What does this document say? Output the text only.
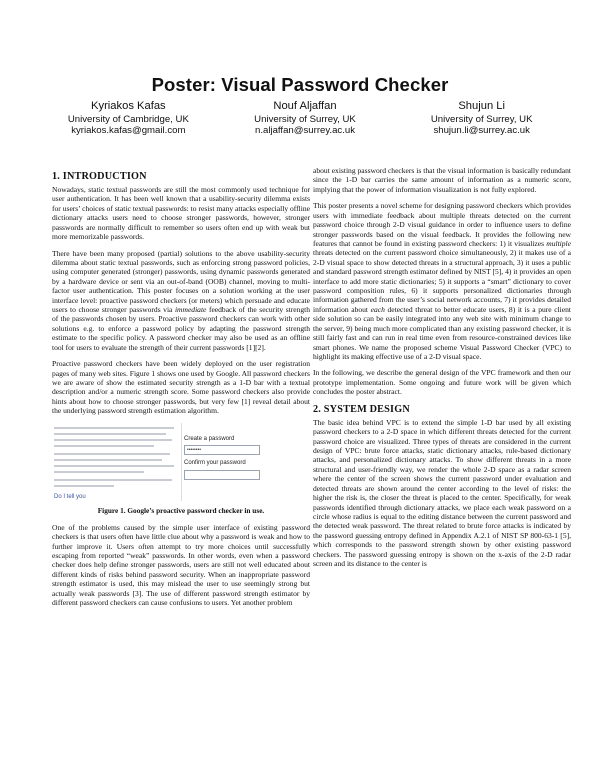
Poster: Visual Password Checker
Kyriakos Kafas
University of Cambridge, UK
kyriakos.kafas@gmail.com
Nouf Aljaffan
University of Surrey, UK
n.aljaffan@surrey.ac.uk
Shujun Li
University of Surrey, UK
shujun.li@surrey.ac.uk
1. INTRODUCTION

Nowadays, static textual passwords are still the most commonly used technique for user authentication. It has been well known that a usability-security dilemma exists for users’ choices of static textual passwords: to resist many attacks especially offline dictionary attacks users need to choose stronger passwords, however, stronger passwords are normally difficult to remember so users often end up with weak but more memorizable passwords.

There have been many proposed (partial) solutions to the above usability-security dilemma about static textual passwords, such as enforcing strong password policies, using computer generated (stronger) passwords, using dynamic passwords generated by a hardware device or sent via an out-of-band (OOB) channel, moving to multi-factor user authentication. This poster focuses on a solution working at the user interface level: proactive password checkers (or meters) which persuade and educate users to choose stronger passwords via immediate feedback of the security strength of the passwords chosen by users. Proactive password checkers can work with other solutions e.g. to enforce a password policy by adapting the password strength estimate to the specific policy. A password checker may also be used as an offline tool for users to evaluate the strength of their current passwords [1][2].

Proactive password checkers have been widely deployed on the user registration pages of many web sites. Figure 1 shows one used by Google. All password checkers we are aware of show the estimated security strength as a 1-D bar with a textual description and/or a numeric strength score. Some password checkers also provide hints about how to choose stronger passwords, but very few [1] reveal detail about the underlying password strength estimation algorithm.

Do I tell you
Create a password
••••••••
Confirm your password
Figure 1. Google’s proactive password checker in use.

One of the problems caused by the simple user interface of existing password checkers is that users often have little clue about why a password is weak and how to further improve it. Users often attempt to try more choices until successfully escaping from reported “weak” passwords. In other words, even when a password checker does help define stronger passwords, users are still not well educated about different kinds of risks behind password security. When an inappropriate password strength estimator is used, this may mislead the user to use seemingly strong but actually weak passwords [3]. The use of different password strength estimator by different password checkers can cause confusions to users. Yet another problem

about existing password checkers is that the visual information is basically redundant since the 1-D bar carries the same amount of information as a numeric score, implying that the power of information visualization is not fully explored.

This poster presents a novel scheme for designing password checkers which provides users with immediate feedback about multiple threats detected on the current password choice through 2-D visual guidance in order to influence users to define stronger passwords based on the visual feedback. It provides the following new features that cannot be found in existing password checkers: 1) it visualizes multiple threats detected on the current password choice simultaneously, 2) it makes use of a 2-D visual space to show detected threats in a structural approach, 3) it uses a public and standard password strength estimator defined by NIST [5], 4) it provides an open interface to add more static dictionaries; 5) it supports a “smart” dictionary to cover password composition rules, 6) it supports personalized dictionaries through information gathered from the user’s social network accounts, 7) it provides detailed information about each detected threat to better educate users, 8) it is a pure client side solution so can be easily integrated into any web site with minimum change to the server, 9) being much more complicated than any existing password checker, it is still fairly fast and can run in real time even from resource-constrained devices like smart phones. We name the proposed scheme Visual Password Checker (VPC) to highlight its making effective use of a 2-D visual space.

In the following, we describe the general design of the VPC framework and then our prototype implementation. Some ongoing and future work will be given which concludes the poster abstract.

2. SYSTEM DESIGN

The basic idea behind VPC is to extend the simple 1-D bar used by all existing password checkers to a 2-D space in which different threats detected for the current password choice are visualized. Three types of threats are considered in the current design of VPC: brute force attacks, static dictionary attacks, rule-based dictionary attacks, and personalized dictionary attacks. To show different threats in a more structural and user-friendly way, we render the whole 2-D space as a radar screen where the center of the screen shows the current password under evaluation and detected threats are shown around the center according to the level of risks: the higher the risk is, the closer the threat is placed to the center. Specifically, for weak passwords identified through dictionary attacks, we place each weak password on a circle whose radius is equal to the editing distance between the current password and the detected weak password. The threat related to brute force attacks is indicated by the password guessing entropy defined in Appendix A.2.1 of NIST SP 800-63-1 [5], which corresponds to the password strength shown by other existing password checkers. The password guessing entropy is shown on the x-axis of the 2-D radar screen and its distance to the center is
